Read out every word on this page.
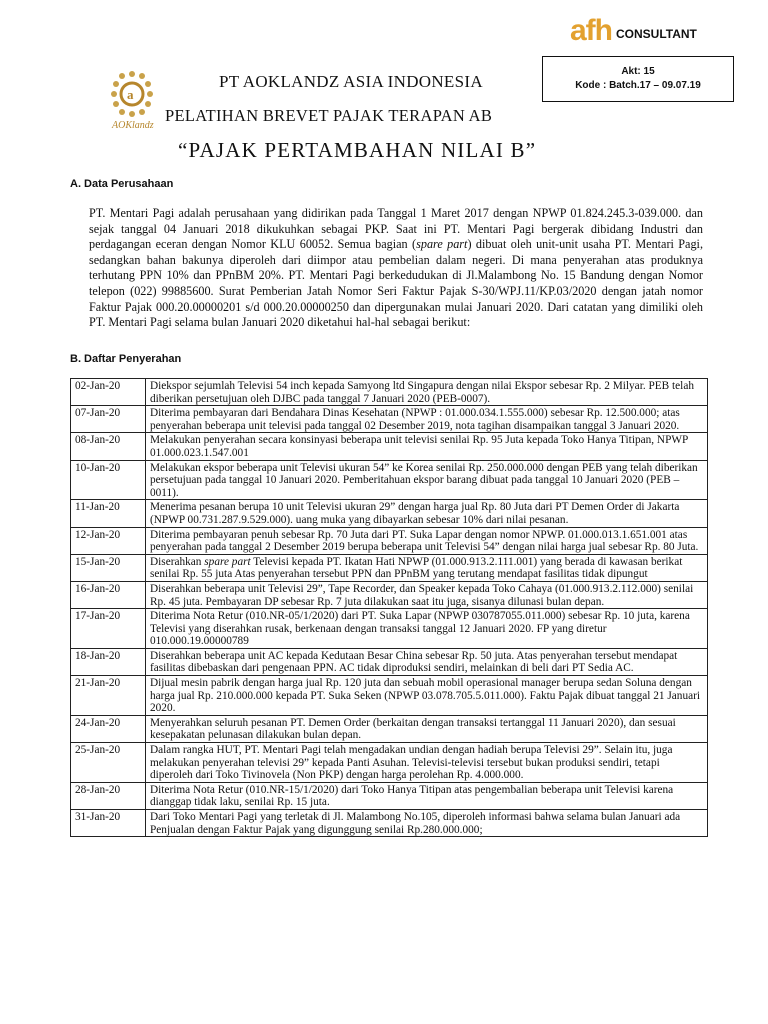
a
AOKlandz
afh CONSULTANT
PT AOKLANDZ ASIA INDONESIA
PELATIHAN BREVET PAJAK TERAPAN AB
“PAJAK PERTAMBAHAN NILAI B”
Akt: 15
Kode : Batch.17 – 09.07.19
A. Data Perusahaan
PT. Mentari Pagi adalah perusahaan yang didirikan pada Tanggal 1 Maret 2017 dengan NPWP 01.824.245.3-039.000. dan sejak tanggal 04 Januari 2018 dikukuhkan sebagai PKP. Saat ini PT. Mentari Pagi bergerak dibidang Industri dan perdagangan eceran dengan Nomor KLU 60052. Semua bagian (spare part) dibuat oleh unit-unit usaha PT. Mentari Pagi, sedangkan bahan bakunya diperoleh dari diimpor atau pembelian dalam negeri. Di mana penyerahan atas produknya terhutang PPN 10% dan PPnBM 20%. PT. Mentari Pagi berkedudukan di Jl.Malambong No. 15 Bandung dengan Nomor telepon (022) 99885600. Surat Pemberian Jatah Nomor Seri Faktur Pajak S-30/WPJ.11/KP.03/2020 dengan jatah nomor Faktur Pajak 000.20.00000201 s/d 000.20.00000250 dan dipergunakan mulai Januari 2020. Dari catatan yang dimiliki oleh PT. Mentari Pagi selama bulan Januari 2020 diketahui hal-hal sebagai berikut:
B. Daftar Penyerahan
02-Jan-20	Diekspor sejumlah Televisi 54 inch kepada Samyong ltd Singapura dengan nilai Ekspor sebesar Rp. 2 Milyar. PEB telah diberikan persetujuan oleh DJBC pada tanggal 7 Januari 2020 (PEB-0007).
07-Jan-20	Diterima pembayaran dari Bendahara Dinas Kesehatan (NPWP : 01.000.034.1.555.000) sebesar Rp. 12.500.000; atas penyerahan beberapa unit televisi pada tanggal 02 Desember 2019, nota tagihan disampaikan tanggal 3 Januari 2020.
08-Jan-20	Melakukan penyerahan secara konsinyasi beberapa unit televisi senilai Rp. 95 Juta kepada Toko Hanya Titipan, NPWP 01.000.023.1.547.001
10-Jan-20	Melakukan ekspor beberapa unit Televisi ukuran 54” ke Korea senilai Rp. 250.000.000 dengan PEB yang telah diberikan persetujuan pada tanggal 10 Januari 2020. Pemberitahuan ekspor barang dibuat pada tanggal 10 Januari 2020 (PEB – 0011).
11-Jan-20	Menerima pesanan berupa 10 unit Televisi ukuran 29” dengan harga jual Rp. 80 Juta dari PT Demen Order di Jakarta (NPWP 00.731.287.9.529.000). uang muka yang dibayarkan sebesar 10% dari nilai pesanan.
12-Jan-20	Diterima pembayaran penuh sebesar Rp. 70 Juta dari PT. Suka Lapar dengan nomor NPWP. 01.000.013.1.651.001 atas penyerahan pada tanggal 2 Desember 2019 berupa beberapa unit Televisi 54” dengan nilai harga jual sebesar Rp. 80 Juta.
15-Jan-20	Diserahkan spare part Televisi kepada PT. Ikatan Hati NPWP (01.000.913.2.111.001) yang berada di kawasan berikat senilai Rp. 55 juta Atas penyerahan tersebut PPN dan PPnBM yang terutang mendapat fasilitas tidak dipungut
16-Jan-20	Diserahkan beberapa unit Televisi 29”, Tape Recorder, dan Speaker kepada Toko Cahaya (01.000.913.2.112.000) senilai Rp. 45 juta. Pembayaran DP sebesar Rp. 7 juta dilakukan saat itu juga, sisanya dilunasi bulan depan.
17-Jan-20	Diterima Nota Retur (010.NR-05/1/2020) dari PT. Suka Lapar (NPWP 030787055.011.000) sebesar Rp. 10 juta, karena Televisi yang diserahkan rusak, berkenaan dengan transaksi tanggal 12 Januari 2020. FP yang diretur 010.000.19.00000789
18-Jan-20	Diserahkan beberapa unit AC kepada Kedutaan Besar China sebesar Rp. 50 juta. Atas penyerahan tersebut mendapat fasilitas dibebaskan dari pengenaan PPN. AC tidak diproduksi sendiri, melainkan di beli dari PT Sedia AC.
21-Jan-20	Dijual mesin pabrik dengan harga jual Rp. 120 juta dan sebuah mobil operasional manager berupa sedan Soluna dengan harga jual Rp. 210.000.000 kepada PT. Suka Seken (NPWP 03.078.705.5.011.000). Faktu Pajak dibuat tanggal 21 Januari 2020.
24-Jan-20	Menyerahkan seluruh pesanan PT. Demen Order (berkaitan dengan transaksi tertanggal 11 Januari 2020), dan sesuai kesepakatan pelunasan dilakukan bulan depan.
25-Jan-20	Dalam rangka HUT, PT. Mentari Pagi telah mengadakan undian dengan hadiah berupa Televisi 29”. Selain itu, juga melakukan penyerahan televisi 29” kepada Panti Asuhan. Televisi-televisi tersebut bukan produksi sendiri, tetapi diperoleh dari Toko Tivinovela (Non PKP) dengan harga perolehan Rp. 4.000.000.
28-Jan-20	Diterima Nota Retur (010.NR-15/1/2020) dari Toko Hanya Titipan atas pengembalian beberapa unit Televisi karena dianggap tidak laku, senilai Rp. 15 juta.
31-Jan-20	Dari Toko Mentari Pagi yang terletak di Jl. Malambong No.105, diperoleh informasi bahwa selama bulan Januari ada Penjualan dengan Faktur Pajak yang digunggung senilai Rp.280.000.000;
